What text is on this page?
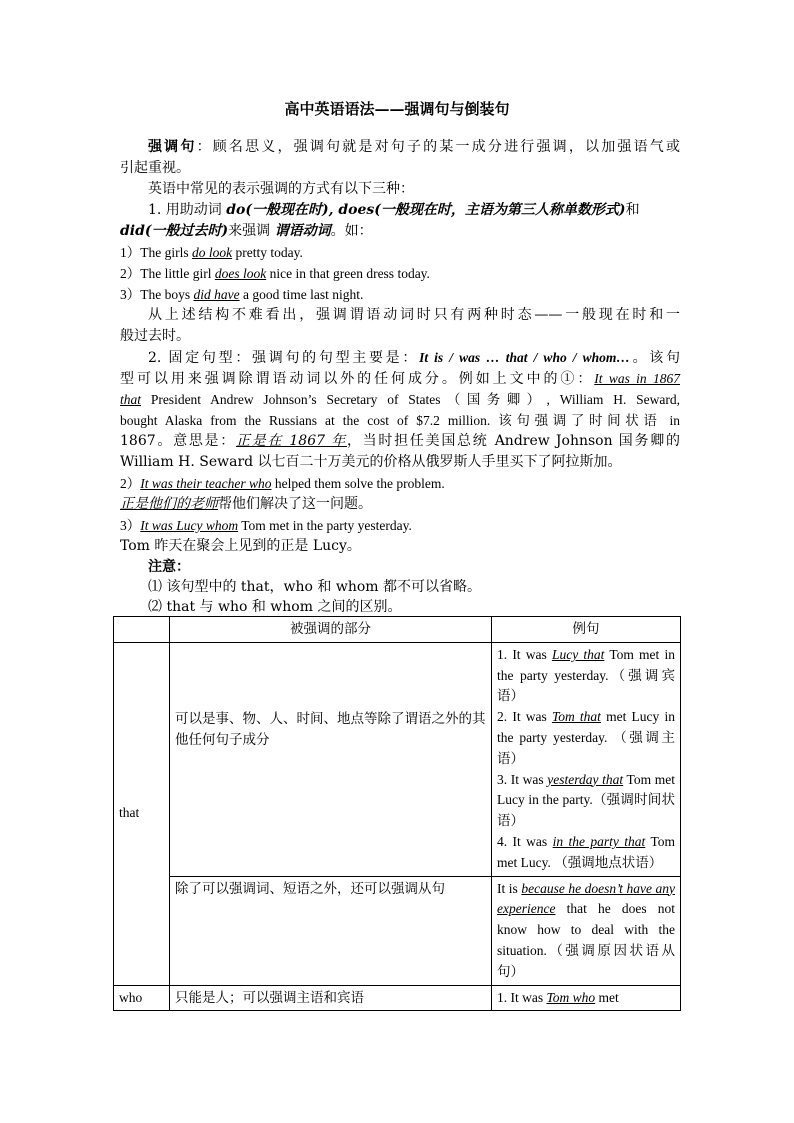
高中英语语法——强调句与倒装句
强调句：顾名思义，强调句就是对句子的某一成分进行强调，以加强语气或
引起重视。
英语中常见的表示强调的方式有以下三种：
1. 用助动词 do(一般现在时), does(一般现在时，主语为第三人称单数形式)和
did(一般过去时)来强调 谓语动词。如：
1）The girls do look pretty today.
2）The little girl does look nice in that green dress today.
3）The boys did have a good time last night.
从上述结构不难看出，强调谓语动词时只有两种时态——一般现在时和一
般过去时。
2. 固定句型：强调句的句型主要是：It is / was … that / who / whom…。该句
型可以用来强调除谓语动词以外的任何成分。例如上文中的①：It was in 1867
that President Andrew Johnson’s Secretary of States（国务卿）, William H. Seward,
bought Alaska from the Russians at the cost of $7.2 million. 该句强调了时间状语 in
1867。意思是：正是在 1867 年，当时担任美国总统 Andrew Johnson 国务卿的
William H. Seward 以七百二十万美元的价格从俄罗斯人手里买下了阿拉斯加。
2）It was their teacher who helped them solve the problem.
正是他们的老师帮他们解决了这一问题。
3）It was Lucy whom Tom met in the party yesterday.
Tom 昨天在聚会上见到的正是 Lucy。
注意：
⑴ 该句型中的 that，who 和 whom 都不可以省略。
⑵ that 与 who 和 whom 之间的区别。
	被强调的部分	例句
that	可以是事、物、人、时间、地点等除了谓语之外的其他任何句子成分	1. It was Lucy that Tom met in the party yesterday.（强调宾语）
2. It was Tom that met Lucy in the party yesterday. （强调主语）
3. It was yesterday that Tom met Lucy in the party.（强调时间状语）
4. It was in the party that Tom met Lucy. （强调地点状语）

	除了可以强调词、短语之外，还可以强调从句	It is because he doesn’t have any experience that he does not know how to deal with the situation.（强调原因状语从句）
who	只能是人；可以强调主语和宾语	1. It was Tom who met
